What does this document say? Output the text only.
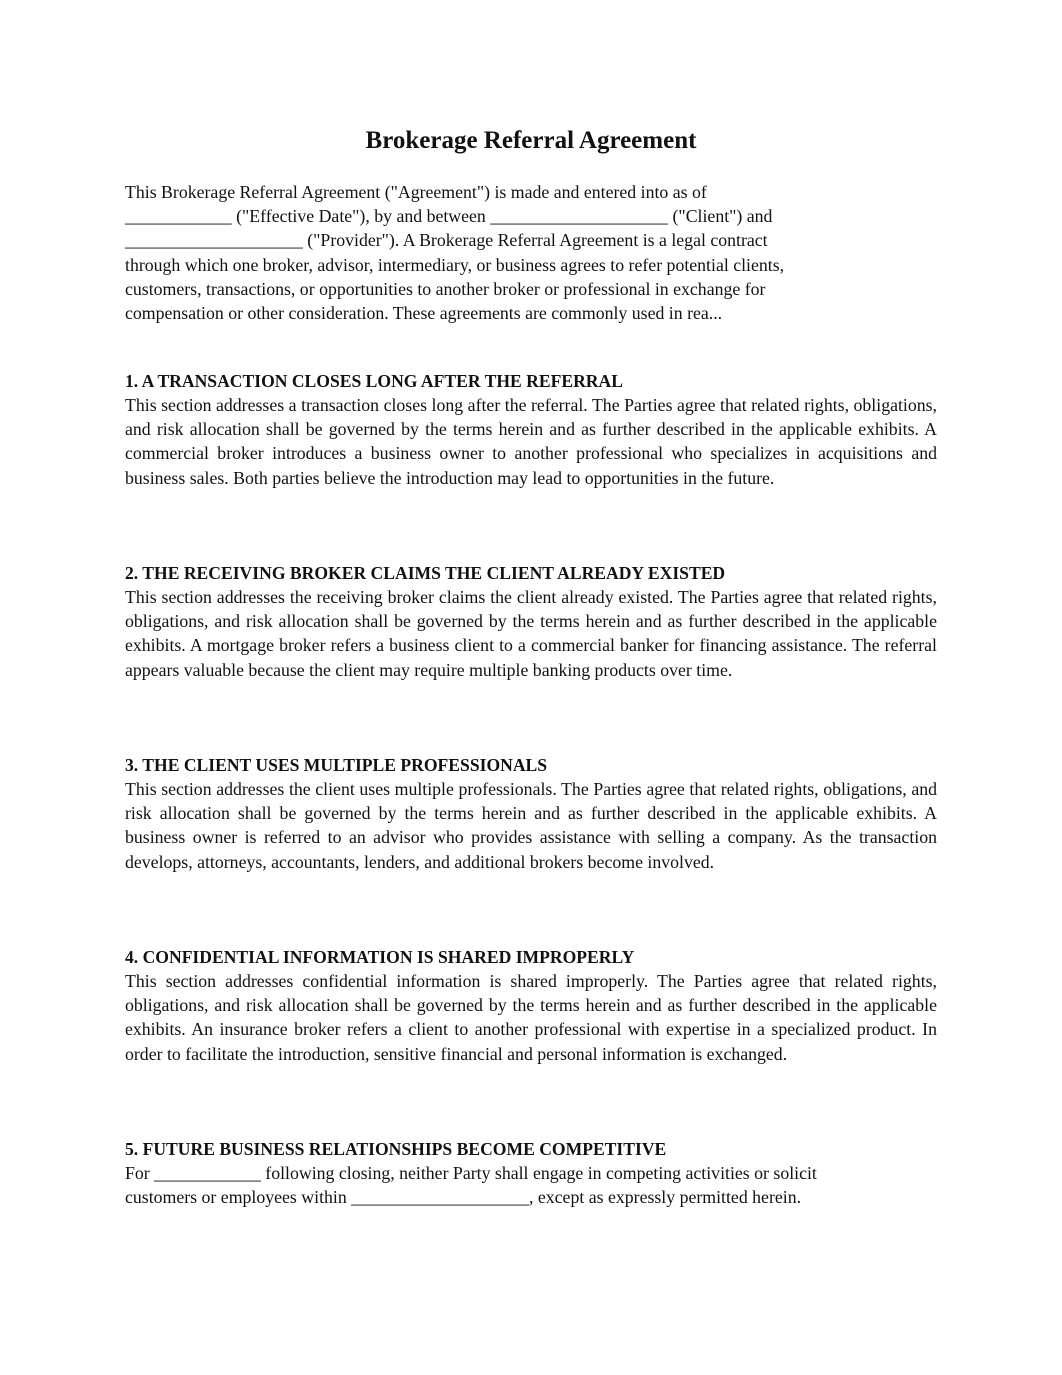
Brokerage Referral Agreement
This Brokerage Referral Agreement ("Agreement") is made and entered into as of
____________ ("Effective Date"), by and between ____________________ ("Client") and
____________________ ("Provider"). A Brokerage Referral Agreement is a legal contract
through which one broker, advisor, intermediary, or business agrees to refer potential clients,
customers, transactions, or opportunities to another broker or professional in exchange for
compensation or other consideration. These agreements are commonly used in rea...
1. A TRANSACTION CLOSES LONG AFTER THE REFERRAL

This section addresses a transaction closes long after the referral. The Parties agree that related rights, obligations, and risk allocation shall be governed by the terms herein and as further described in the applicable exhibits. A commercial broker introduces a business owner to another professional who specializes in acquisitions and business sales. Both parties believe the introduction may lead to opportunities in the future.

2. THE RECEIVING BROKER CLAIMS THE CLIENT ALREADY EXISTED

This section addresses the receiving broker claims the client already existed. The Parties agree that related rights, obligations, and risk allocation shall be governed by the terms herein and as further described in the applicable exhibits. A mortgage broker refers a business client to a commercial banker for financing assistance. The referral appears valuable because the client may require multiple banking products over time.

3. THE CLIENT USES MULTIPLE PROFESSIONALS

This section addresses the client uses multiple professionals. The Parties agree that related rights, obligations, and risk allocation shall be governed by the terms herein and as further described in the applicable exhibits. A business owner is referred to an advisor who provides assistance with selling a company. As the transaction develops, attorneys, accountants, lenders, and additional brokers become involved.

4. CONFIDENTIAL INFORMATION IS SHARED IMPROPERLY

This section addresses confidential information is shared improperly. The Parties agree that related rights, obligations, and risk allocation shall be governed by the terms herein and as further described in the applicable exhibits. An insurance broker refers a client to another professional with expertise in a specialized product. In order to facilitate the introduction, sensitive financial and personal information is exchanged.

5. FUTURE BUSINESS RELATIONSHIPS BECOME COMPETITIVE
For ____________ following closing, neither Party shall engage in competing activities or solicit
customers or employees within ____________________, except as expressly permitted herein.
